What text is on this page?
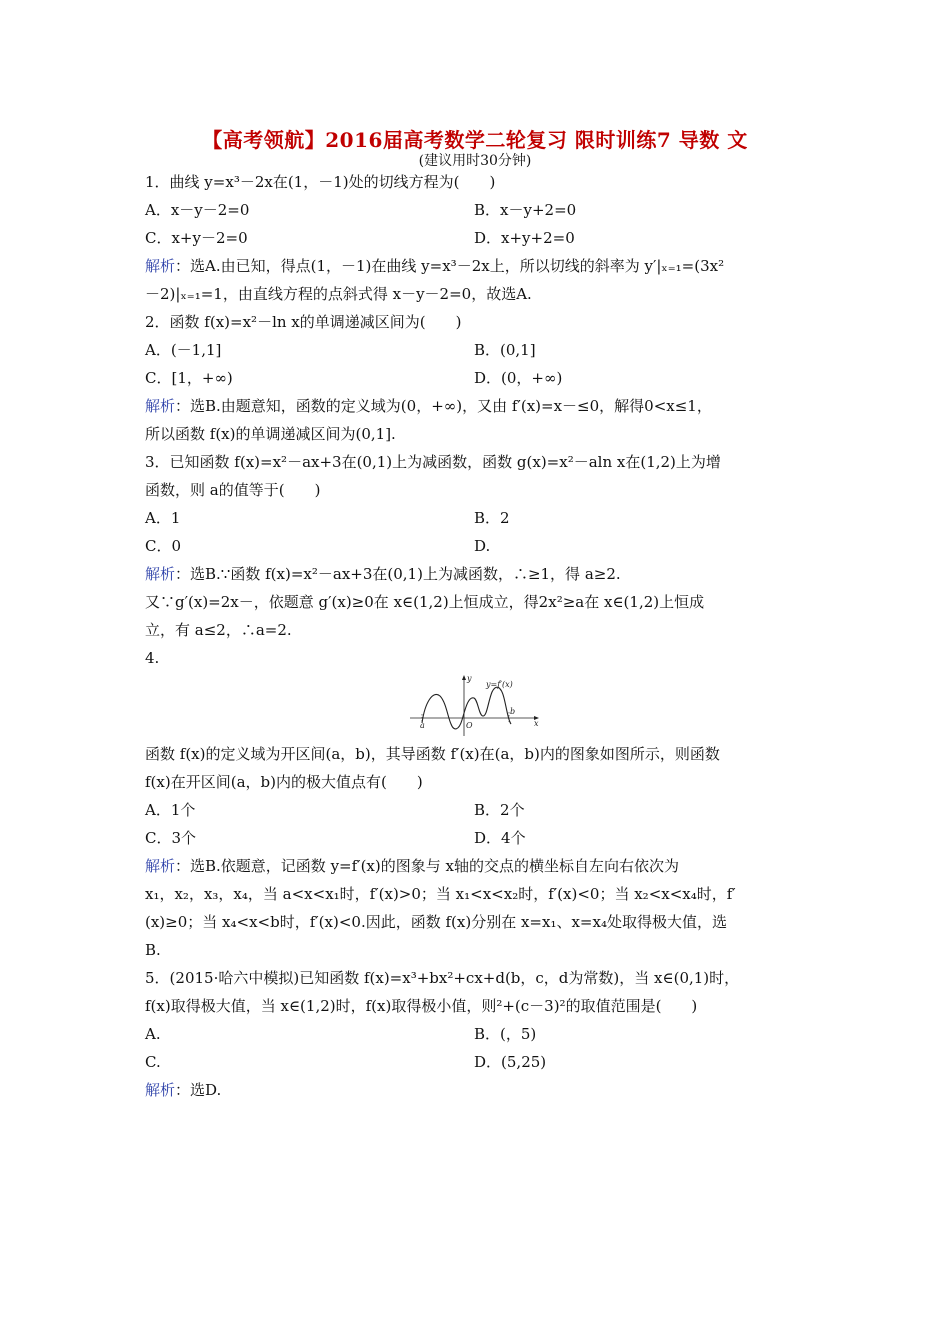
【高考领航】2016届高考数学二轮复习 限时训练7 导数 文
(建议用时30分钟)
1．曲线 y=x³－2x在(1，－1)处的切线方程为(　　)
A．x－y－2=0	B．x－y+2=0
C．x+y－2=0	D．x+y+2=0
解析：选A.由已知，得点(1，－1)在曲线 y=x³－2x上，所以切线的斜率为 y′|ₓ₌₁=(3x²
－2)|ₓ₌₁=1，由直线方程的点斜式得 x－y－2=0，故选A.
2．函数 f(x)=x²－ln x的单调递减区间为(　　)
A．(－1,1]	B．(0,1]
C．[1，+∞)	D．(0，+∞)
解析：选B.由题意知，函数的定义域为(0，+∞)，又由 f′(x)=x－≤0，解得0<x≤1，
所以函数 f(x)的单调递减区间为(0,1].
3．已知函数 f(x)=x²－ax+3在(0,1)上为减函数，函数 g(x)=x²－aln x在(1,2)上为增
函数，则 a的值等于(　　)
A．1	B．2
C．0	D.
解析：选B.∵函数 f(x)=x²－ax+3在(0,1)上为减函数，∴≥1，得 a≥2.
又∵g′(x)=2x－，依题意 g′(x)≥0在 x∈(1,2)上恒成立，得2x²≥a在 x∈(1,2)上恒成
立，有 a≤2，∴a=2.
4.
y
y=f′(x)
a	O
b
x
函数 f(x)的定义域为开区间(a，b)，其导函数 f′(x)在(a，b)内的图象如图所示，则函数
f(x)在开区间(a，b)内的极大值点有(　　)
A．1个	B．2个
C．3个	D．4个
解析：选B.依题意，记函数 y=f′(x)的图象与 x轴的交点的横坐标自左向右依次为
x₁，x₂，x₃，x₄，当 a<x<x₁时，f′(x)>0；当 x₁<x<x₂时，f′(x)<0；当 x₂<x<x₄时，f′
(x)≥0；当 x₄<x<b时，f′(x)<0.因此，函数 f(x)分别在 x=x₁、x=x₄处取得极大值，选
B.
5．(2015·哈六中模拟)已知函数 f(x)=x³+bx²+cx+d(b，c，d为常数)，当 x∈(0,1)时，
f(x)取得极大值，当 x∈(1,2)时，f(x)取得极小值，则²+(c－3)²的取值范围是(　　)
A.	B．(，5)
C.	D．(5,25)
解析：选D.
